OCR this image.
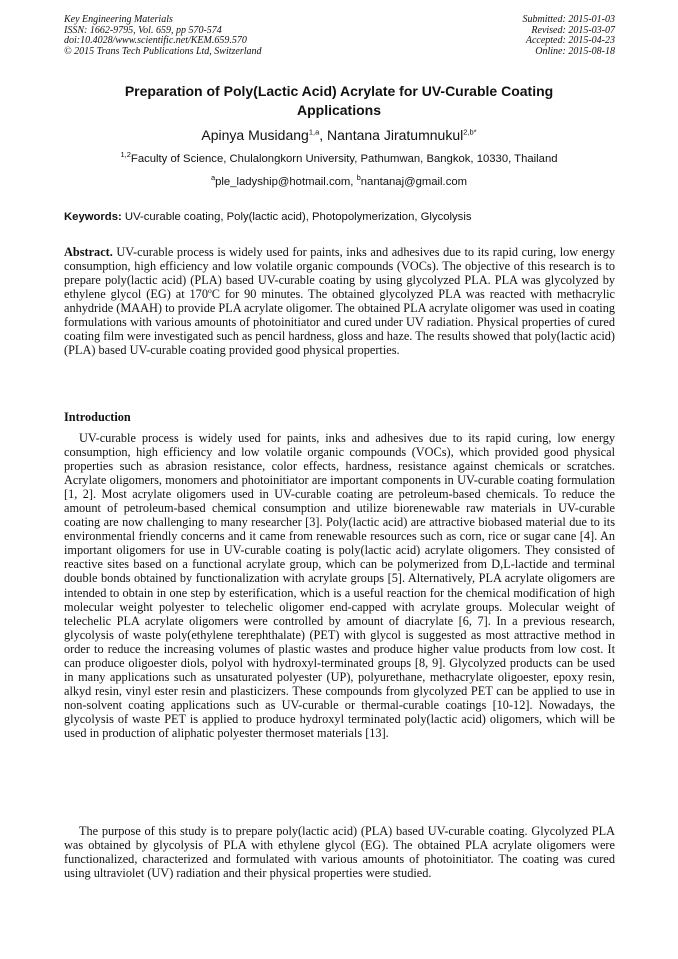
Key Engineering Materials
ISSN: 1662-9795, Vol. 659, pp 570-574
doi:10.4028/www.scientific.net/KEM.659.570
© 2015 Trans Tech Publications Ltd, Switzerland
Submitted: 2015-01-03
Revised: 2015-03-07
Accepted: 2015-04-23
Online: 2015-08-18
Preparation of Poly(Lactic Acid) Acrylate for UV-Curable Coating
Applications
Apinya Musidang$^{1,a}$, Nantana Jiratumnukul$^{2,b*}$
$^{1,2}$Faculty of Science, Chulalongkorn University, Pathumwan, Bangkok, 10330, Thailand
$^a$ple_ladyship@hotmail.com, $^b$nantanaj@gmail.com
Keywords: UV-curable coating, Poly(lactic acid), Photopolymerization, Glycolysis

Abstract. UV-curable process is widely used for paints, inks and adhesives due to its rapid curing, low energy consumption, high efficiency and low volatile organic compounds (VOCs). The objective of this research is to prepare poly(lactic acid) (PLA) based UV-curable coating by using glycolyzed PLA. PLA was glycolyzed by ethylene glycol (EG) at 170$^o$C for 90 minutes. The obtained glycolyzed PLA was reacted with methacrylic anhydride (MAAH) to provide PLA acrylate oligomer. The obtained PLA acrylate oligomer was used in coating formulations with various amounts of photoinitiator and cured under UV radiation. Physical properties of cured coating film were investigated such as pencil hardness, gloss and haze. The results showed that poly(lactic acid) (PLA) based UV-curable coating provided good physical properties.

Introduction

UV-curable process is widely used for paints, inks and adhesives due to its rapid curing, low energy consumption, high efficiency and low volatile organic compounds (VOCs), which provided good physical properties such as abrasion resistance, color effects, hardness, resistance against chemicals or scratches. Acrylate oligomers, monomers and photoinitiator are important components in UV-curable coating formulation [1, 2]. Most acrylate oligomers used in UV-curable coating are petroleum-based chemicals. To reduce the amount of petroleum-based chemical consumption and utilize biorenewable raw materials in UV-curable coating are now challenging to many researcher [3]. Poly(lactic acid) are attractive biobased material due to its environmental friendly concerns and it came from renewable resources such as corn, rice or sugar cane [4]. An important oligomers for use in UV-curable coating is poly(lactic acid) acrylate oligomers. They consisted of reactive sites based on a functional acrylate group, which can be polymerized from D,L-lactide and terminal double bonds obtained by functionalization with acrylate groups [5]. Alternatively, PLA acrylate oligomers are intended to obtain in one step by esterification, which is a useful reaction for the chemical modification of high molecular weight polyester to telechelic oligomer end-capped with acrylate groups. Molecular weight of telechelic PLA acrylate oligomers were controlled by amount of diacrylate [6, 7]. In a previous research, glycolysis of waste poly(ethylene terephthalate) (PET) with glycol is suggested as most attractive method in order to reduce the increasing volumes of plastic wastes and produce higher value products from low cost. It can produce oligoester diols, polyol with hydroxyl-terminated groups [8, 9]. Glycolyzed products can be used in many applications such as unsaturated polyester (UP), polyurethane, methacrylate oligoester, epoxy resin, alkyd resin, vinyl ester resin and plasticizers. These compounds from glycolyzed PET can be applied to use in non-solvent coating applications such as UV-curable or thermal-curable coatings [10-12]. Nowadays, the glycolysis of waste PET is applied to produce hydroxyl terminated poly(lactic acid) oligomers, which will be used in production of aliphatic polyester thermoset materials [13].

The purpose of this study is to prepare poly(lactic acid) (PLA) based UV-curable coating. Glycolyzed PLA was obtained by glycolysis of PLA with ethylene glycol (EG). The obtained PLA acrylate oligomers were functionalized, characterized and formulated with various amounts of photoinitiator. The coating was cured using ultraviolet (UV) radiation and their physical properties were studied.
